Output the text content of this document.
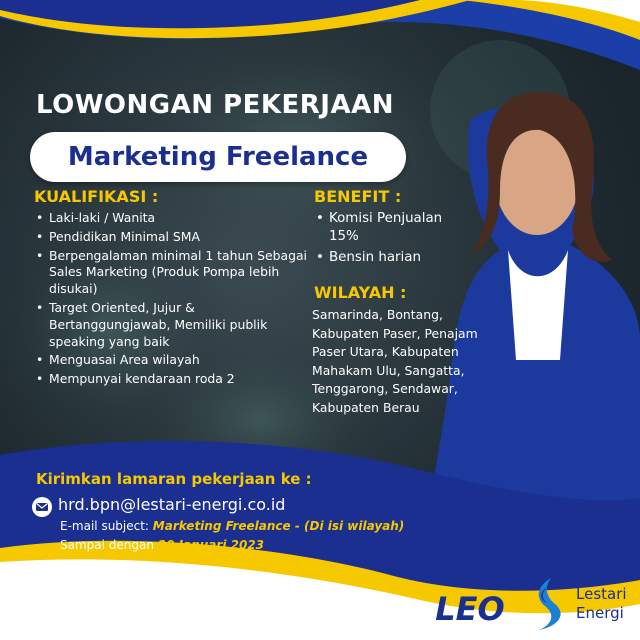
LOWONGAN PEKERJAAN
Marketing Freelance
KUALIFIKASI :
• Laki-laki / Wanita
• Pendidikan Minimal SMA
• Berpengalaman minimal 1 tahun Sebagai Sales Marketing (Produk Pompa lebih disukai)
• Target Oriented, Jujur & Bertanggungjawab, Memiliki publik speaking yang baik
• Menguasai Area wilayah
• Mempunyai kendaraan roda 2
BENEFIT :
• Komisi Penjualan 15%
• Bensin harian
WILAYAH :
Samarinda, Bontang, Kabupaten Paser, Penajam Paser Utara, Kabupaten Mahakam Ulu, Sangatta, Tenggarong, Sendawar, Kabupaten Berau
Kirimkan lamaran pekerjaan ke :
hrd.bpn@lestari-energi.co.id
E-mail subject: Marketing Freelance - (Di isi wilayah)
Sampai dengan 20 Januari 2023
LEO
®	Lestari
Energi
